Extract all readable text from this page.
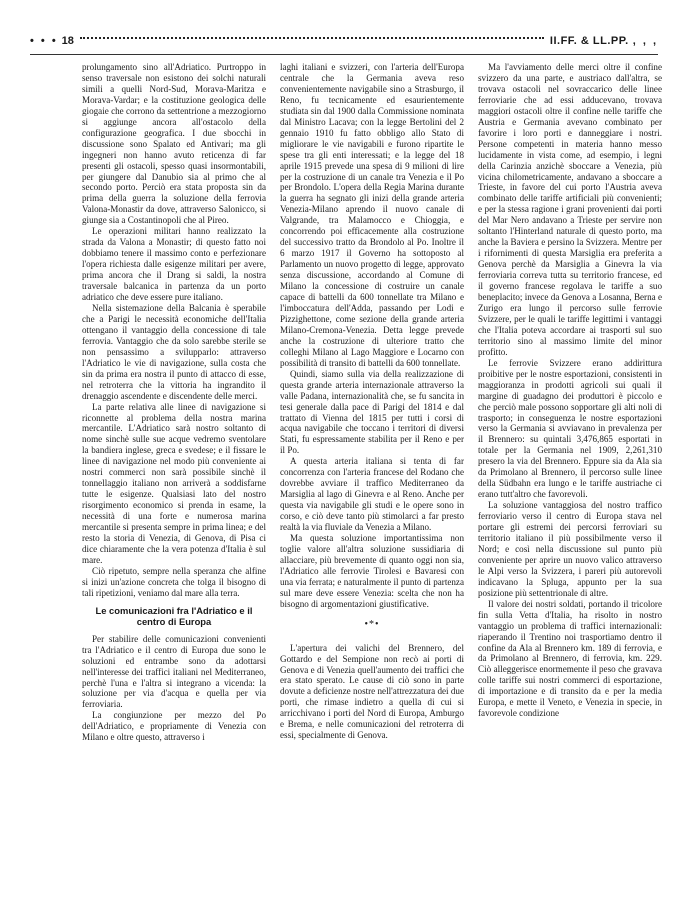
• • • 18	II.FF. & LL.PP. , , ,

prolungamento sino all'Adriatico. Purtroppo in senso traversale non esistono dei solchi naturali simili a quelli Nord-Sud, Morava-Maritza e Morava-Vardar; e la costituzione geologica delle giogaie che corrono da settentrione a mezzogiorno si aggiunge ancora all'ostacolo della configurazione geografica. I due sbocchi in discussione sono Spalato ed Antivari; ma gli ingegneri non hanno avuto reticenza di far presenti gli ostacoli, spesso quasi insormontabili, per giungere dal Danubio sia al primo che al secondo porto. Perciò era stata proposta sin da prima della guerra la soluzione della ferrovia Valona-Monastir da dove, attraverso Salonicco, si giunge sia a Costantinopoli che al Pireo.

Le operazioni militari hanno realizzato la strada da Valona a Monastir; di questo fatto noi dobbiamo tenere il massimo conto e perfezionare l'opera richiesta dalle esigenze militari per avere, prima ancora che il Drang si saldi, la nostra traversale balcanica in partenza da un porto adriatico che deve essere pure italiano.

Nella sistemazione della Balcania è sperabile che a Parigi le necessità economiche dell'Italia ottengano il vantaggio della concessione di tale ferrovia. Vantaggio che da solo sarebbe sterile se non pensassimo a svilupparlo: attraverso l'Adriatico le vie di navigazione, sulla costa che sin da prima era nostra il punto di attacco di esse, nel retroterra che la vittoria ha ingrandito il drenaggio ascendente e discendente delle merci.

La parte relativa alle linee di navigazione si riconnette al problema della nostra marina mercantile. L'Adriatico sarà nostro soltanto di nome sinchè sulle sue acque vedremo sventolare la bandiera inglese, greca e svedese; e il fissare le linee di navigazione nel modo più conveniente ai nostri commerci non sarà possibile sinchè il tonnellaggio italiano non arriverà a soddisfarne tutte le esigenze. Qualsiasi lato del nostro risorgimento economico si prenda in esame, la necessità di una forte e numerosa marina mercantile si presenta sempre in prima linea; e del resto la storia di Venezia, di Genova, di Pisa ci dice chiaramente che la vera potenza d'Italia è sul mare.

Ciò ripetuto, sempre nella speranza che alfine si inizi un'azione concreta che tolga il bisogno di tali ripetizioni, veniamo dal mare alla terra.

Le comunicazioni fra l'Adriatico e il centro di Europa

Per stabilire delle comunicazioni convenienti tra l'Adriatico e il centro di Europa due sono le soluzioni ed entrambe sono da adottarsi nell'interesse dei traffici italiani nel Mediterraneo, perchè l'una e l'altra si integrano a vicenda: la soluzione per via d'acqua e quella per via ferroviaria.

La congiunzione per mezzo del Po dell'Adriatico, e propriamente di Venezia con Milano e oltre questo, attraverso i

laghi italiani e svizzeri, con l'arteria dell'Europa centrale che la Germania aveva reso convenientemente navigabile sino a Strasburgo, il Reno, fu tecnicamente ed esaurientemente studiata sin dal 1900 dalla Commissione nominata dal Ministro Lacava; con la legge Bertolini del 2 gennaio 1910 fu fatto obbligo allo Stato di migliorare le vie navigabili e furono ripartite le spese tra gli enti interessati; e la legge del 18 aprile 1915 prevede una spesa di 9 milioni di lire per la costruzione di un canale tra Venezia e il Po per Brondolo. L'opera della Regia Marina durante la guerra ha segnato gli inizi della grande arteria Venezia-Milano aprendo il nuovo canale di Valgrande, tra Malamocco e Chioggia, e concorrendo poi efficacemente alla costruzione del successivo tratto da Brondolo al Po. Inoltre il 6 marzo 1917 il Governo ha sottoposto al Parlamento un nuovo progetto di legge, approvato senza discussione, accordando al Comune di Milano la concessione di costruire un canale capace di battelli da 600 tonnellate tra Milano e l'imboccatura dell'Adda, passando per Lodi e Pizzighettone, come sezione della grande arteria Milano-Cremona-Venezia. Detta legge prevede anche la costruzione di ulteriore tratto che colleghi Milano al Lago Maggiore e Locarno con possibilità di transito di battelli da 600 tonnellate.

Quindi, siamo sulla via della realizzazione di questa grande arteria internazionale attraverso la valle Padana, internazionalità che, se fu sancita in tesi generale dalla pace di Parigi del 1814 e dal trattato di Vienna del 1815 per tutti i corsi di acqua navigabile che toccano i territori di diversi Stati, fu espressamente stabilita per il Reno e per il Po.

A questa arteria italiana si tenta di far concorrenza con l'arteria francese del Rodano che dovrebbe avviare il traffico Mediterraneo da Marsiglia al lago di Ginevra e al Reno. Anche per questa via navigabile gli studi e le opere sono in corso, e ciò deve tanto più stimolarci a far presto realtà la via fluviale da Venezia a Milano.

Ma questa soluzione importantissima non toglie valore all'altra soluzione sussidiaria di allacciare, più brevemente di quanto oggi non sia, l'Adriatico alle ferrovie Tirolesi e Bavaresi con una via ferrata; e naturalmente il punto di partenza sul mare deve essere Venezia: scelta che non ha bisogno di argomentazioni giustificative.

•*•

L'apertura dei valichi del Brennero, del Gottardo e del Sempione non recò ai porti di Genova e di Venezia quell'aumento dei traffici che era stato sperato. Le cause di ciò sono in parte dovute a deficienze nostre nell'attrezzatura dei due porti, che rimase indietro a quella di cui si arricchivano i porti del Nord di Europa, Amburgo e Brema, e nelle comunicazioni del retroterra di essi, specialmente di Genova.

Ma l'avviamento delle merci oltre il confine svizzero da una parte, e austriaco dall'altra, se trovava ostacoli nel sovraccarico delle linee ferroviarie che ad essi adducevano, trovava maggiori ostacoli oltre il confine nelle tariffe che Austria e Germania avevano combinato per favorire i loro porti e danneggiare i nostri. Persone competenti in materia hanno messo lucidamente in vista come, ad esempio, i legni della Carinzia anzichè sboccare a Venezia, più vicina chilometricamente, andavano a sboccare a Trieste, in favore del cui porto l'Austria aveva combinato delle tariffe artificiali più convenienti; e per la stessa ragione i grani provenienti dai porti del Mar Nero andavano a Trieste per servire non soltanto l'Hinterland naturale di questo porto, ma anche la Baviera e persino la Svizzera. Mentre per i rifornimenti di questa Marsiglia era preferita a Genova perchè da Marsiglia a Ginevra la via ferroviaria correva tutta su territorio francese, ed il governo francese regolava le tariffe a suo beneplacito; invece da Genova a Losanna, Berna e Zurigo era lungo il percorso sulle ferrovie Svizzere, per le quali le tariffe legittimi i vantaggi che l'Italia poteva accordare ai trasporti sul suo territorio sino al massimo limite del minor profitto.

Le ferrovie Svizzere erano addirittura proibitive per le nostre esportazioni, consistenti in maggioranza in prodotti agricoli sui quali il margine di guadagno dei produttori è piccolo e che perciò male possono sopportare gli alti noli di trasporto; in conseguenza le nostre esportazioni verso la Germania si avviavano in prevalenza per il Brennero: su quintali 3,476,865 esportati in totale per la Germania nel 1909, 2,261,310 presero la via del Brennero. Eppure sia da Ala sia da Primolano al Brennero, il percorso sulle linee della Südbahn era lungo e le tariffe austriache ci erano tutt'altro che favorevoli.

La soluzione vantaggiosa del nostro traffico ferroviario verso il centro di Europa stava nel portare gli estremi dei percorsi ferroviari su territorio italiano il più possibilmente verso il Nord; e così nella discussione sul punto più conveniente per aprire un nuovo valico attraverso le Alpi verso la Svizzera, i pareri più autorevoli indicavano la Spluga, appunto per la sua posizione più settentrionale di altre.

Il valore dei nostri soldati, portando il tricolore fin sulla Vetta d'Italia, ha risolto in nostro vantaggio un problema di traffici internazionali: riaperando il Trentino noi trasportiamo dentro il confine da Ala al Brennero km. 189 di ferrovia, e da Primolano al Brennero, di ferrovia, km. 229. Ciò alleggerisce enormemente il peso che gravava colle tariffe sui nostri commerci di esportazione, di importazione e di transito da e per la media Europa, e mette il Veneto, e Venezia in specie, in favorevole condizione
